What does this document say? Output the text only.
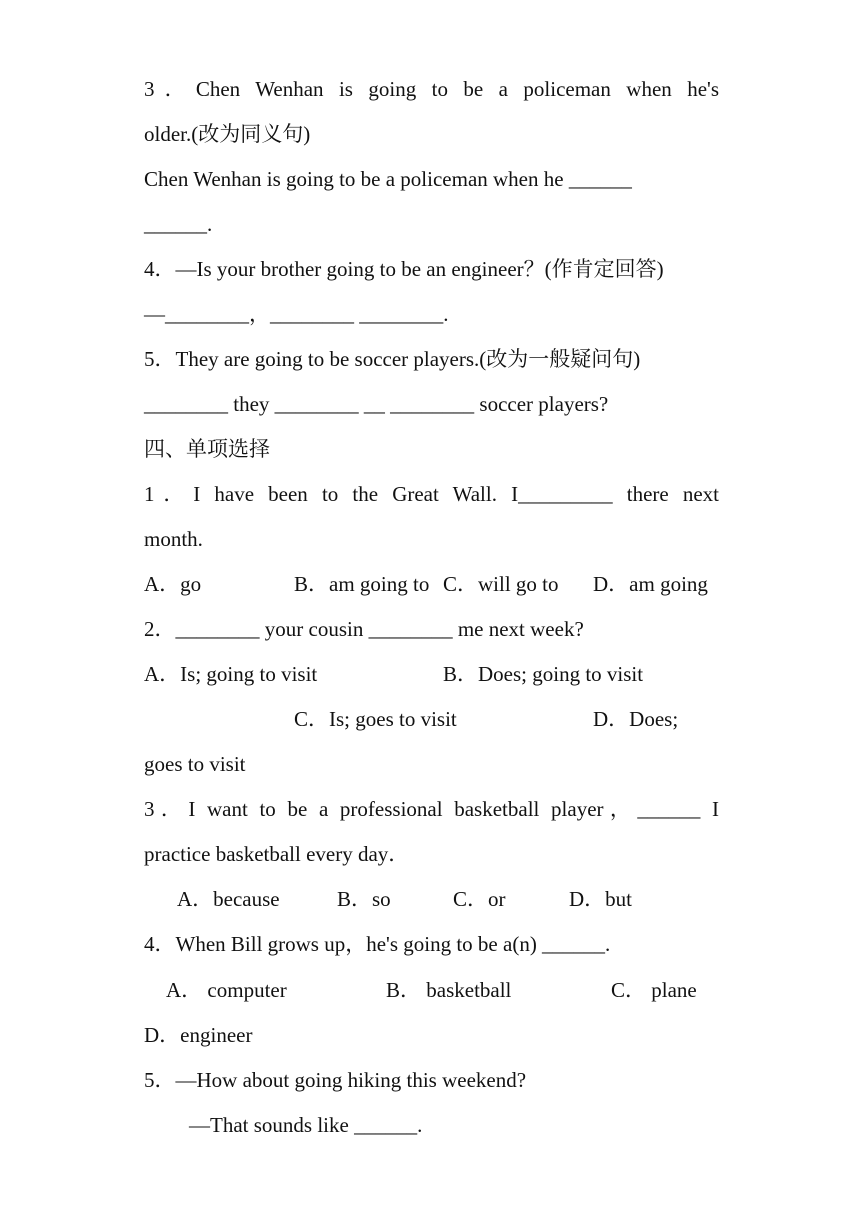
3．Chen Wenhan is going to be a policeman when he's
older.(改为同义句)
Chen Wenhan is going to be a policeman when he ______
______.
4．—Is your brother going to be an engineer？(作肯定回答)
—________，________ ________.
5．They are going to be soccer players.(改为一般疑问句)
________ they ________ __ ________ soccer players?
四、单项选择
1．I have been to the Great Wall. I_________ there next
month.
A．go	B．am going to C．will go to D．am going
2．________ your cousin ________ me next week?
A．Is; going to visit	B．Does; going to visit
C．Is; goes to visit	D．Does;
goes to visit
3．I want to be a professional basketball player，______ I
practice basketball every day．
A．because	B．so	C．or	D．but
4．When Bill grows up，he's going to be a(n) ______.
A． computer	B． basketball	C． plane
D．engineer
5．—How about going hiking this weekend?
—That sounds like ______.
